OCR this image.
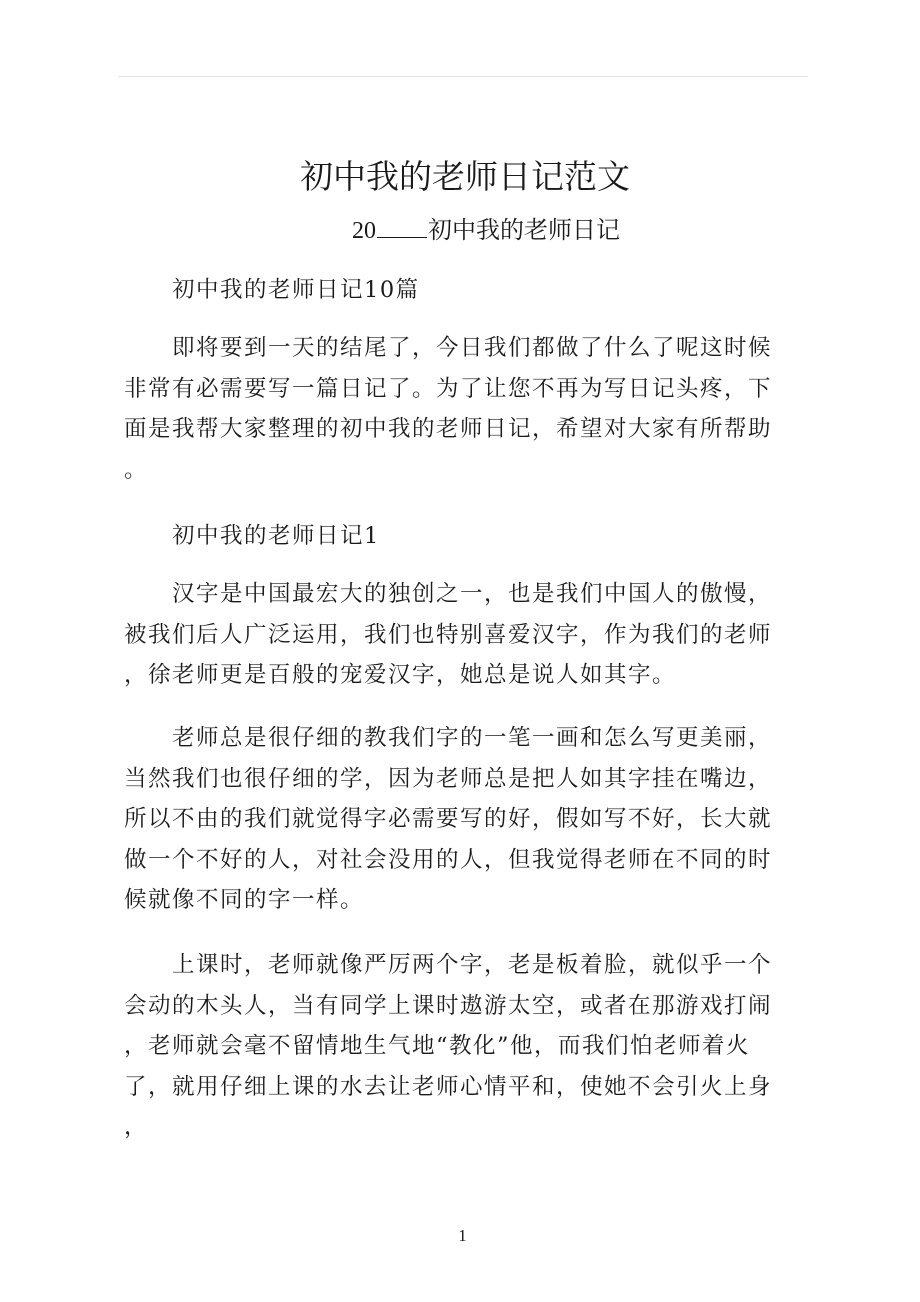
初中我的老师日记范文

20 初中我的老师日记

初中我的老师日记10篇

即将要到一天的结尾了，今日我们都做了什么了呢这时候
非常有必需要写一篇日记了。为了让您不再为写日记头疼，下
面是我帮大家整理的初中我的老师日记，希望对大家有所帮助
。

初中我的老师日记1

汉字是中国最宏大的独创之一，也是我们中国人的傲慢，
被我们后人广泛运用，我们也特别喜爱汉字，作为我们的老师
，徐老师更是百般的宠爱汉字，她总是说人如其字。

老师总是很仔细的教我们字的一笔一画和怎么写更美丽，
当然我们也很仔细的学，因为老师总是把人如其字挂在嘴边，
所以不由的我们就觉得字必需要写的好，假如写不好，长大就
做一个不好的人，对社会没用的人，但我觉得老师在不同的时
候就像不同的字一样。

上课时，老师就像严厉两个字，老是板着脸，就似乎一个
会动的木头人，当有同学上课时遨游太空，或者在那游戏打闹
，老师就会毫不留情地生气地“教化”他，而我们怕老师着火
了，就用仔细上课的水去让老师心情平和，使她不会引火上身
，

1
